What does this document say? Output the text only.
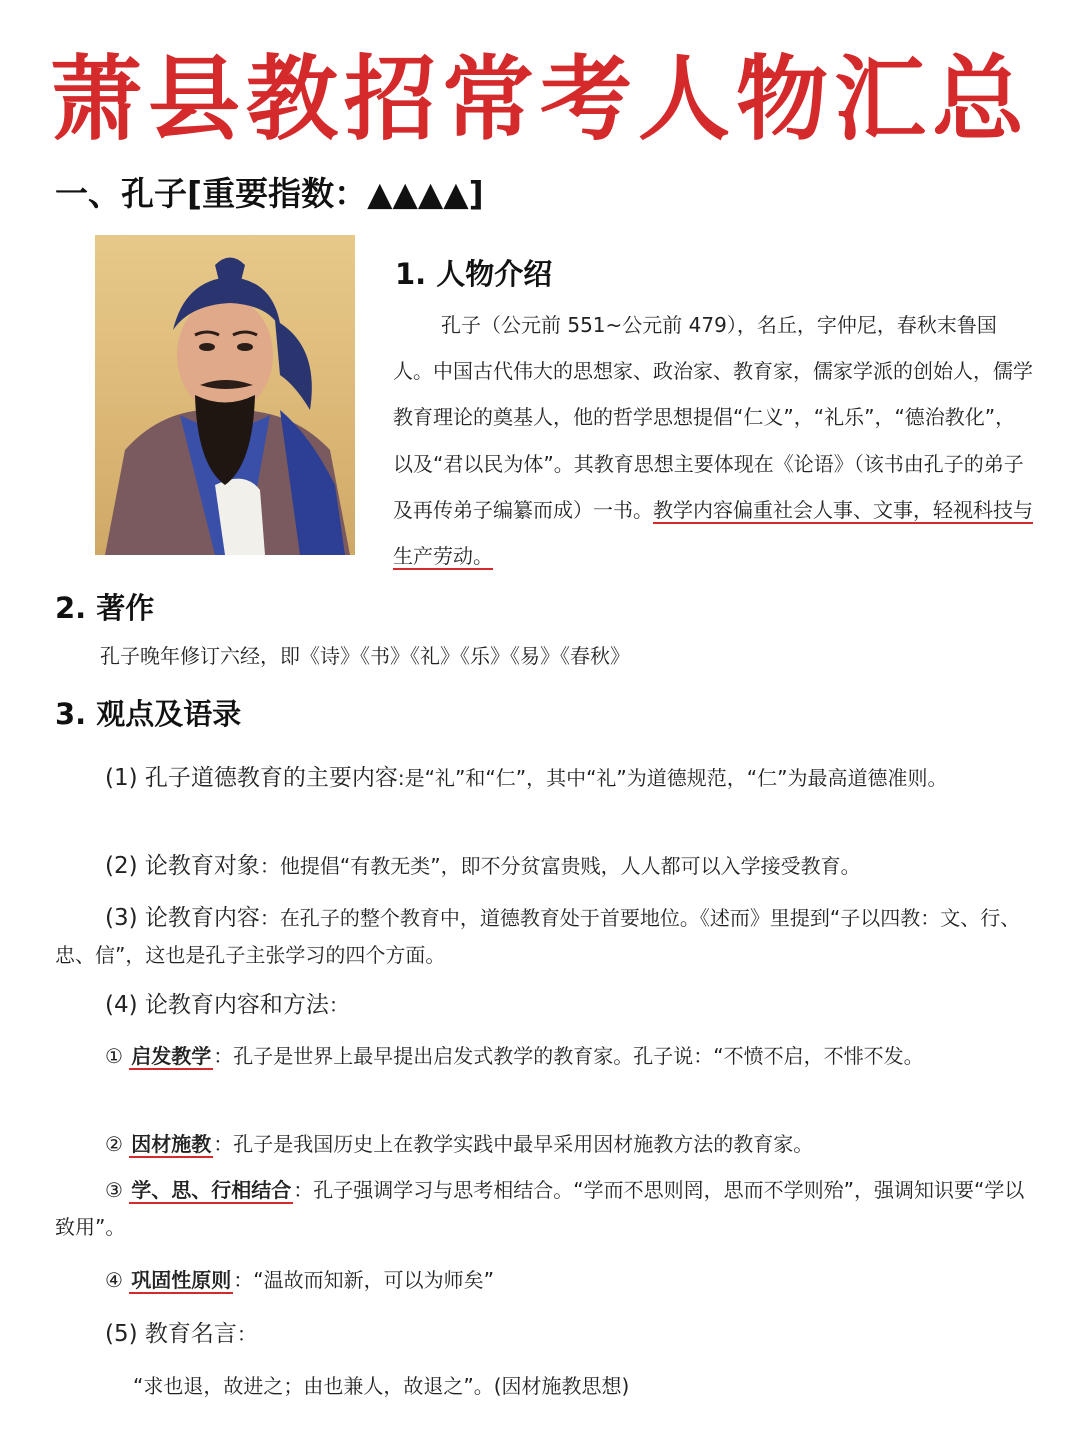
萧县教招常考人物汇总
一、孔子[重要指数：▲▲▲▲]
1. 人物介绍
孔子（公元前 551~公元前 479），名丘，字仲尼，春秋末鲁国人。中国古代伟大的思想家、政治家、教育家，儒家学派的创始人，儒学教育理论的奠基人，他的哲学思想提倡“仁义”，“礼乐”，“德治教化”，以及“君以民为体”。其教育思想主要体现在《论语》（该书由孔子的弟子及再传弟子编纂而成）一书。教学内容偏重社会人事、文事，轻视科技与生产劳动。
2. 著作
孔子晚年修订六经，即《诗》《书》《礼》《乐》《易》《春秋》
3. 观点及语录
(1) 孔子道德教育的主要内容:是“礼”和“仁”，其中“礼”为道德规范，“仁”为最高道德准则。
(2) 论教育对象：他提倡“有教无类”，即不分贫富贵贱，人人都可以入学接受教育。
(3) 论教育内容：在孔子的整个教育中，道德教育处于首要地位。《述而》里提到“子以四教：文、行、忠、信”，这也是孔子主张学习的四个方面。
(4) 论教育内容和方法：
① 启发教学 ：孔子是世界上最早提出启发式教学的教育家。孔子说：“不愤不启，不悱不发。
② 因材施教 ：孔子是我国历史上在教学实践中最早采用因材施教方法的教育家。
③ 学、思、行相结合 ：孔子强调学习与思考相结合。“学而不思则罔，思而不学则殆”，强调知识要“学以致用”。
④ 巩固性原则 ：“温故而知新，可以为师矣”
(5) 教育名言：
“求也退，故进之；由也兼人，故退之”。(因材施教思想)
